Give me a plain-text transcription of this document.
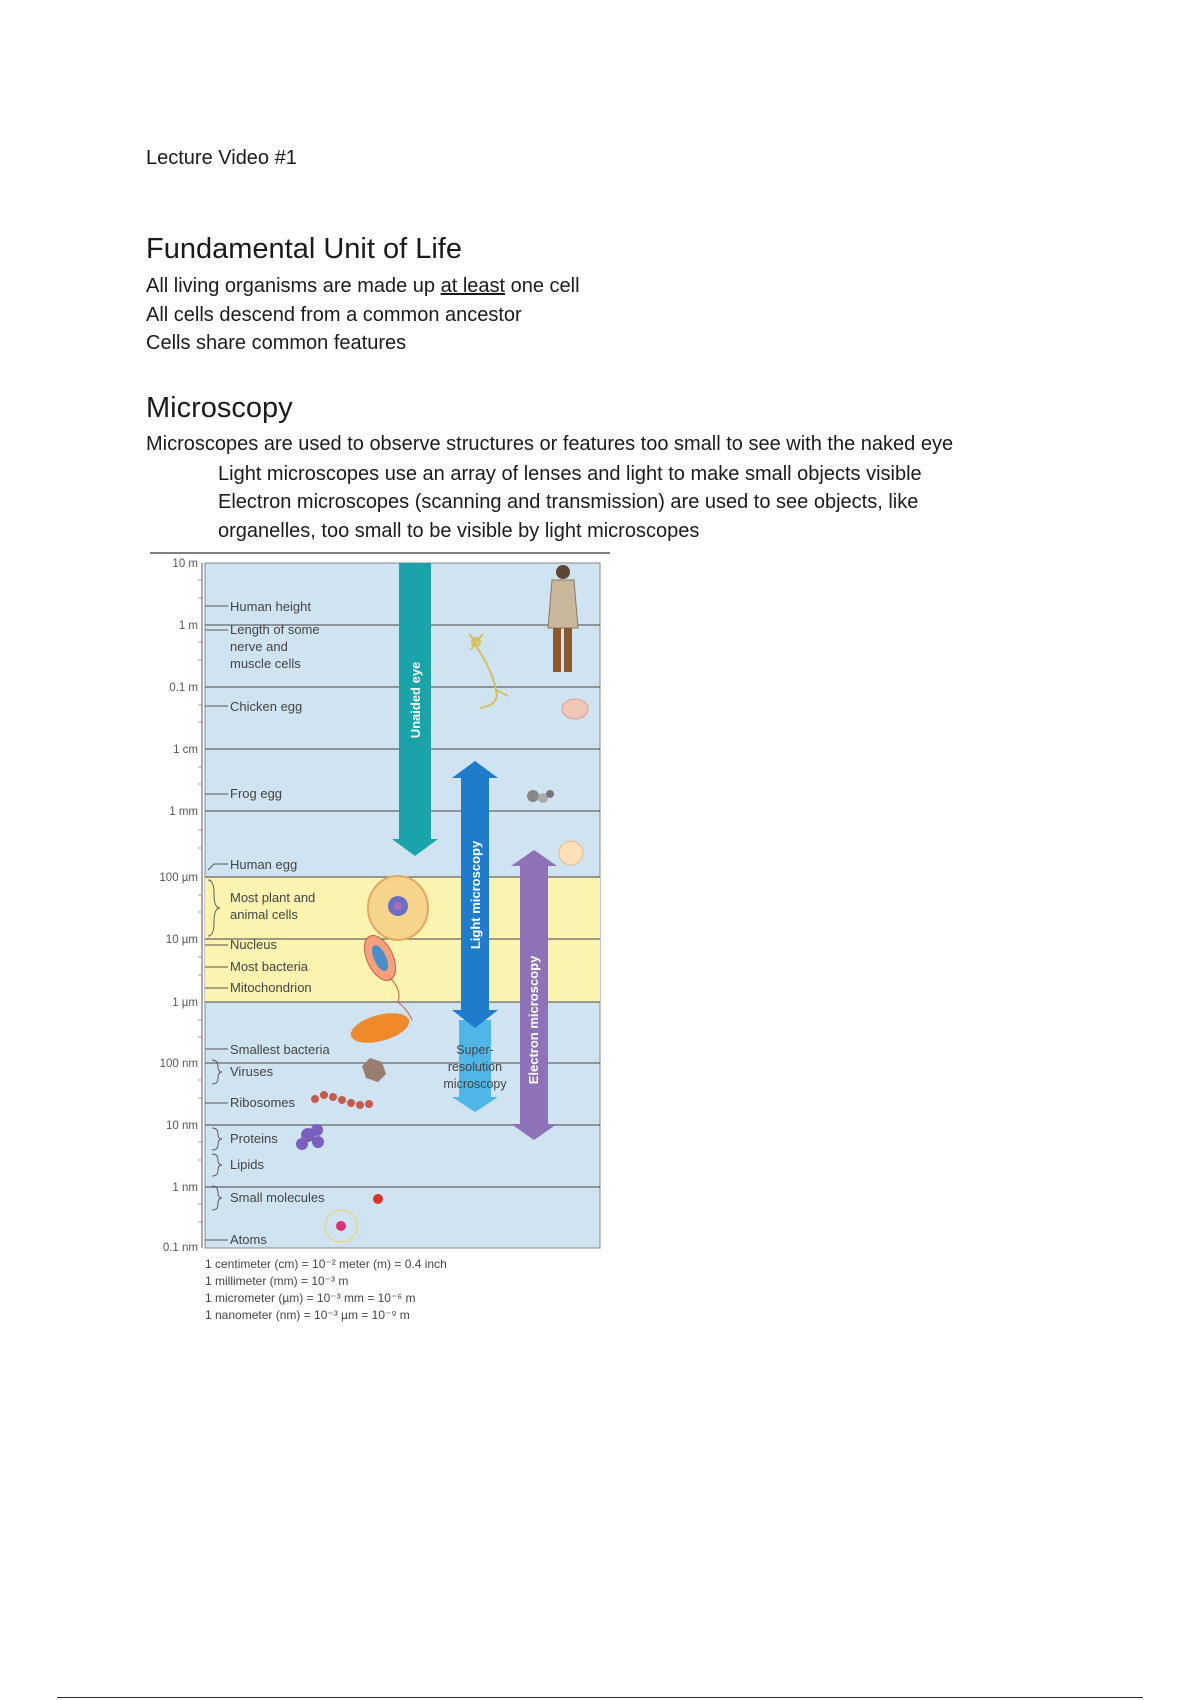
Lecture Video #1
Fundamental Unit of Life
All living organisms are made up at least one cell
All cells descend from a common ancestor
Cells share common features
Microscopy
Microscopes are used to observe structures or features too small to see with the naked eye
Light microscopes use an array of lenses and light to make small objects visible
Electron microscopes (scanning and transmission) are used to see objects, like
organelles, too small to be visible by light microscopes
10 m
1 m
0.1 m
1 cm
1 mm
100 µm
10 µm
1 µm
100 nm
10 nm
1 nm
0.1 nm
Human height
Length of some
nerve and
muscle cells
Chicken egg
Frog egg
Human egg
Most plant and
animal cells
Nucleus
Most bacteria
Mitochondrion
Smallest bacteria
Viruses
Ribosomes
Proteins
Lipids
Small molecules
Atoms
Unaided eye
Light microscopy
Electron microscopy
Super-
resolution
microscopy
1 centimeter (cm) = 10⁻² meter (m) = 0.4 inch
1 millimeter (mm) = 10⁻³ m
1 micrometer (µm) = 10⁻³ mm = 10⁻⁶ m
1 nanometer (nm) = 10⁻³ µm = 10⁻⁹ m
